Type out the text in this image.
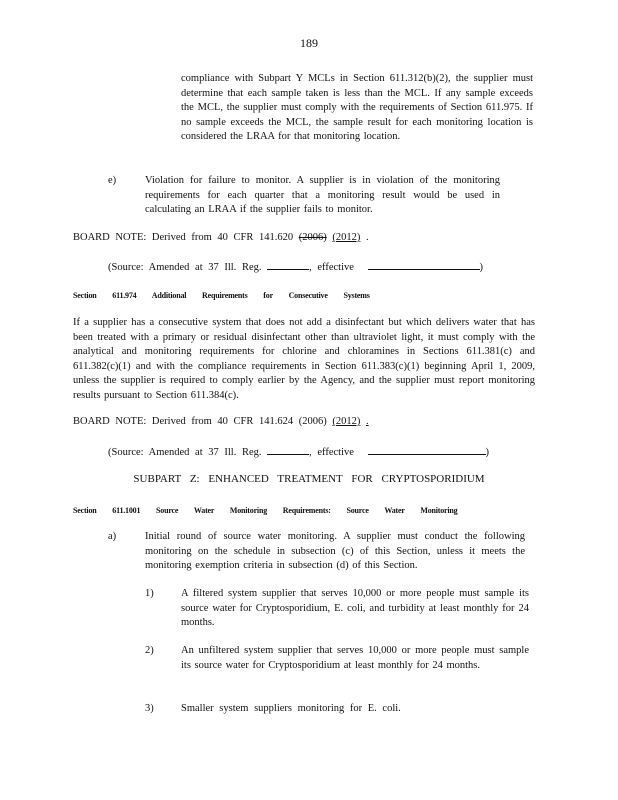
189
compliance with Subpart Y MCLs in Section 611.312(b)(2), the supplier must determine that each sample taken is less than the MCL. If any sample exceeds the MCL, the supplier must comply with the requirements of Section 611.975. If no sample exceeds the MCL, the sample result for each monitoring location is considered the LRAA for that monitoring location.
e)	Violation for failure to monitor. A supplier is in violation of the monitoring requirements for each quarter that a monitoring result would be used in calculating an LRAA if the supplier fails to monitor.
BOARD NOTE: Derived from 40 CFR 141.620 (2006) (2012) .
(Source: Amended at 37 Ill. Reg.	, effective	)
Section 611.974 Additional Requirements for Consecutive Systems
If a supplier has a consecutive system that does not add a disinfectant but which delivers water that has been treated with a primary or residual disinfectant other than ultraviolet light, it must comply with the analytical and monitoring requirements for chlorine and chloramines in Sections 611.381(c) and 611.382(c)(1) and with the compliance requirements in Section 611.383(c)(1) beginning April 1, 2009, unless the supplier is required to comply earlier by the Agency, and the supplier must report monitoring results pursuant to Section 611.384(c).
BOARD NOTE: Derived from 40 CFR 141.624 (2006) (2012) .
(Source: Amended at 37 Ill. Reg.	, effective	)
SUBPART Z: ENHANCED TREATMENT FOR CRYPTOSPORIDIUM
Section 611.1001 Source Water Monitoring Requirements: Source Water Monitoring
a)	Initial round of source water monitoring. A supplier must conduct the following monitoring on the schedule in subsection (c) of this Section, unless it meets the monitoring exemption criteria in subsection (d) of this Section.
1)	A filtered system supplier that serves 10,000 or more people must sample its source water for Cryptosporidium, E. coli, and turbidity at least monthly for 24 months.
2)	An unfiltered system supplier that serves 10,000 or more people must sample its source water for Cryptosporidium at least monthly for 24 months.
3)	Smaller system suppliers monitoring for E. coli.
